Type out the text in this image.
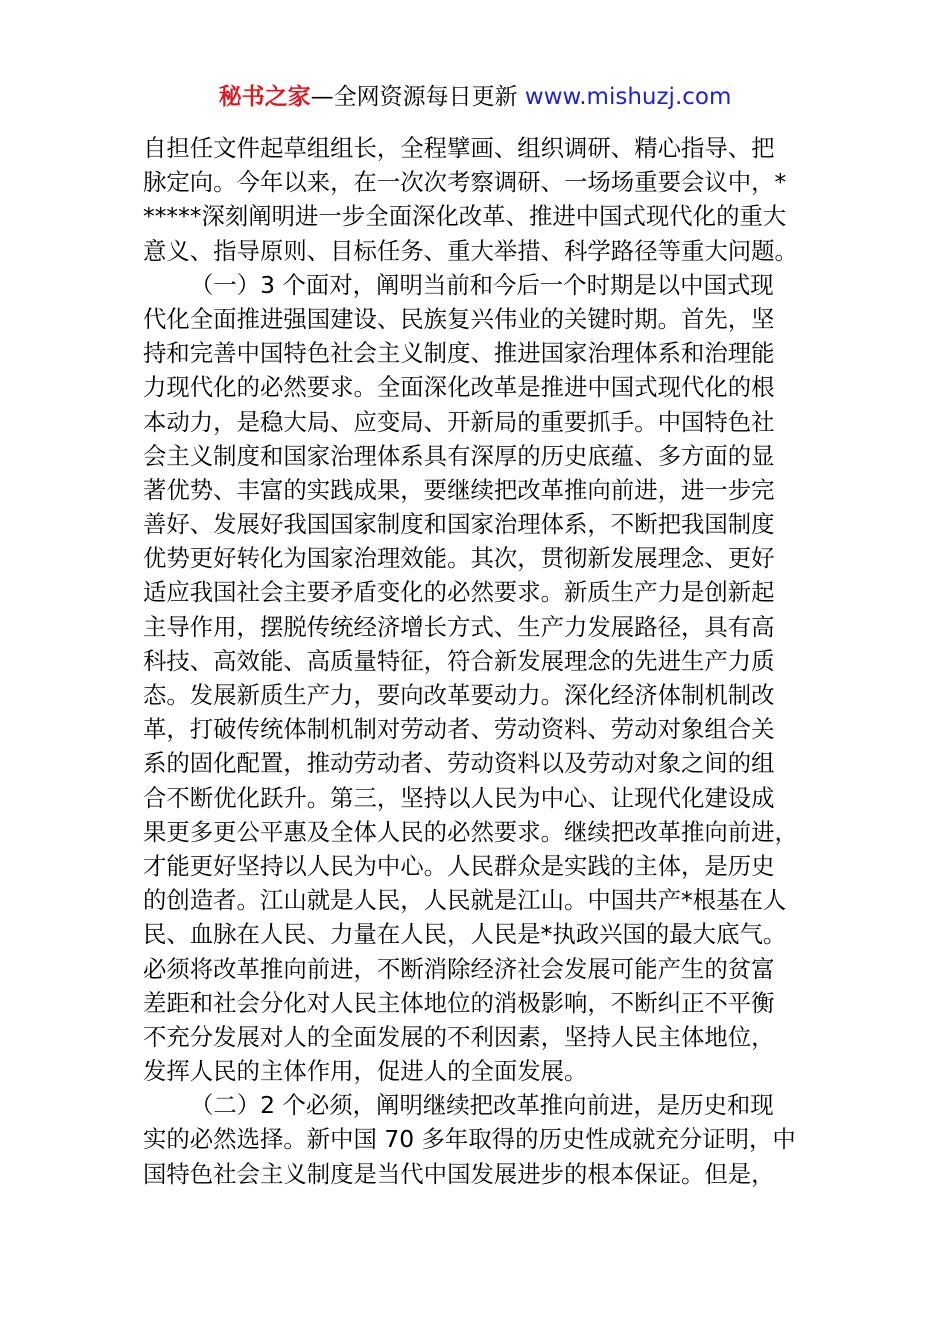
秘书之家—全网资源每日更新 www.mishuzj.com
自担任文件起草组组长，全程擘画、组织调研、精心指导、把
脉定向。今年以来，在一次次考察调研、一场场重要会议中，*
*****深刻阐明进一步全面深化改革、推进中国式现代化的重大
意义、指导原则、目标任务、重大举措、科学路径等重大问题。
（一）3 个面对，阐明当前和今后一个时期是以中国式现
代化全面推进强国建设、民族复兴伟业的关键时期。首先，坚
持和完善中国特色社会主义制度、推进国家治理体系和治理能
力现代化的必然要求。全面深化改革是推进中国式现代化的根
本动力，是稳大局、应变局、开新局的重要抓手。中国特色社
会主义制度和国家治理体系具有深厚的历史底蕴、多方面的显
著优势、丰富的实践成果，要继续把改革推向前进，进一步完
善好、发展好我国国家制度和国家治理体系，不断把我国制度
优势更好转化为国家治理效能。其次，贯彻新发展理念、更好
适应我国社会主要矛盾变化的必然要求。新质生产力是创新起
主导作用，摆脱传统经济增长方式、生产力发展路径，具有高
科技、高效能、高质量特征，符合新发展理念的先进生产力质
态。发展新质生产力，要向改革要动力。深化经济体制机制改
革，打破传统体制机制对劳动者、劳动资料、劳动对象组合关
系的固化配置，推动劳动者、劳动资料以及劳动对象之间的组
合不断优化跃升。第三，坚持以人民为中心、让现代化建设成
果更多更公平惠及全体人民的必然要求。继续把改革推向前进，
才能更好坚持以人民为中心。人民群众是实践的主体，是历史
的创造者。江山就是人民，人民就是江山。中国共产*根基在人
民、血脉在人民、力量在人民，人民是*执政兴国的最大底气。
必须将改革推向前进，不断消除经济社会发展可能产生的贫富
差距和社会分化对人民主体地位的消极影响，不断纠正不平衡
不充分发展对人的全面发展的不利因素，坚持人民主体地位，
发挥人民的主体作用，促进人的全面发展。
（二）2 个必须，阐明继续把改革推向前进，是历史和现
实的必然选择。新中国 70 多年取得的历史性成就充分证明，中
国特色社会主义制度是当代中国发展进步的根本保证。但是，
